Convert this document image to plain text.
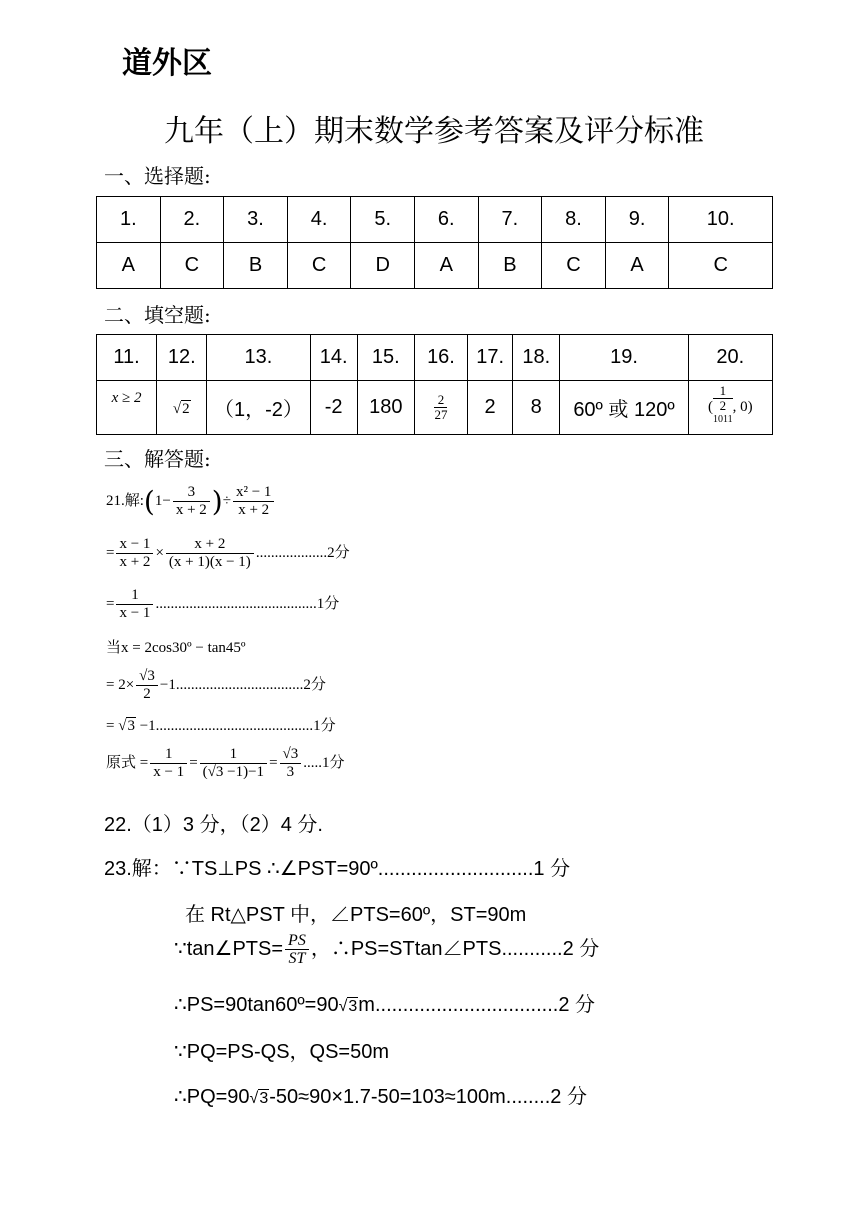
道外区
九年（上）期末数学参考答案及评分标准
一、选择题:
1.	2.	3.	4.	5.	6.	7.	8.	9.	10.
A	C	B	C	D	A	B	C	A	C
二、填空题:
11.	12.	13.	14.	15.	16.	17.	18.	19.	20.
x ≥ 2	√2	（1，-2）	-2	180	$\frac{2}{27}$	2	8	60º 或 120º	( 1
2
$^{1011}$ , 0)
三、解答题:
21.解:(1− $\frac{3}{x + 2}$ )÷ $\frac{\text{x² − 1}}{x + 2}$
= $\frac{x - 1}{x + 2} \times \frac{x + 2}{(x + 1)(x - 1)} ...................2$分
= $\frac{1}{x - 1} ...........................................1$分
当x = 2cos30º − tan45º
= $2\times \frac{√3}{2} -1..................................2$分
= √3 −1..........................................1分
原式 = $\frac{1}{x - 1} = \frac{1}{(√3 -1)-1} = \frac{√3}{3} .....1$分
22.（1）3 分，（2）4 分.
23.解：∵TS⊥PS ∴∠PST=90º............................1 分
在 Rt△PST 中，∠PTS=60º，ST=90m
∵tan∠PTS= $\frac{PS}{ST}$ ，∴PS=STtan∠PTS...........2 分
∴PS=90tan60º=90√3m.................................2 分
∵PQ=PS-QS，QS=50m
∴PQ=90√3-50≈90×1.7-50=103≈100m........2 分
